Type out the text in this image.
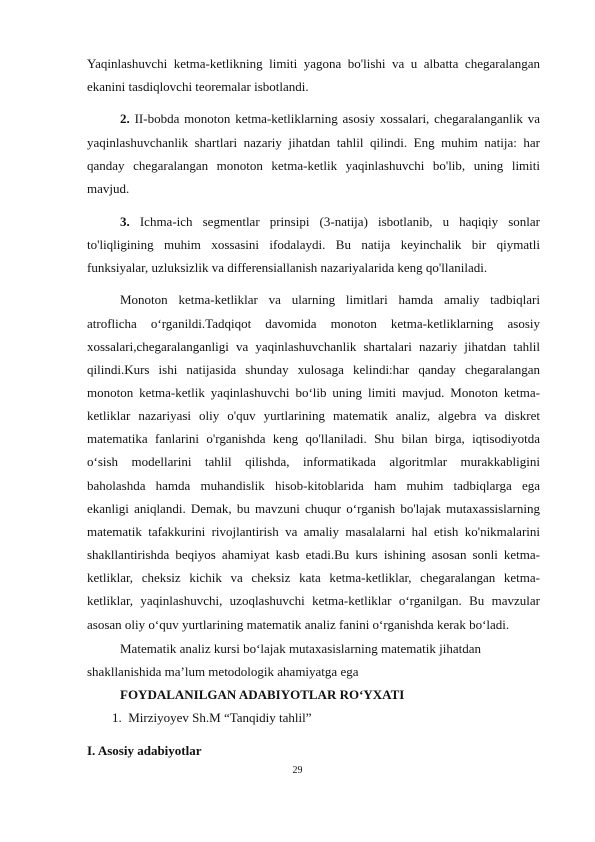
Yaqinlashuvchi ketma-ketlikning limiti yagona bo'lishi va u albatta chegaralangan
ekanini tasdiqlovchi teoremalar isbotlandi.
2. II-bobda monoton ketma-ketliklarning asosiy xossalari, chegaralanganlik va
yaqinlashuvchanlik shartlari nazariy jihatdan tahlil qilindi. Eng muhim natija: har
qanday chegaralangan monoton ketma-ketlik yaqinlashuvchi bo'lib, uning limiti
mavjud.
3. Ichma-ich segmentlar prinsipi (3-natija) isbotlanib, u haqiqiy sonlar
to'liqligining muhim xossasini ifodalaydi. Bu natija keyinchalik bir qiymatli
funksiyalar, uzluksizlik va differensiallanish nazariyalarida keng qo'llaniladi.
Monoton ketma-ketliklar va ularning limitlari hamda amaliy tadbiqlari
atroflicha o‘rganildi.Tadqiqot davomida monoton ketma-ketliklarning asosiy
xossalari,chegaralanganligi va yaqinlashuvchanlik shartalari nazariy jihatdan tahlil
qilindi.Kurs ishi natijasida shunday xulosaga kelindi:har qanday chegaralangan
monoton ketma-ketlik yaqinlashuvchi bo‘lib uning limiti mavjud. Monoton ketma-
ketliklar nazariyasi oliy o'quv yurtlarining matematik analiz, algebra va diskret
matematika fanlarini o'rganishda keng qo'llaniladi. Shu bilan birga, iqtisodiyotda
o‘sish modellarini tahlil qilishda, informatikada algoritmlar murakkabligini
baholashda hamda muhandislik hisob-kitoblarida ham muhim tadbiqlarga ega
ekanligi aniqlandi. Demak, bu mavzuni chuqur o‘rganish bo'lajak mutaxassislarning
matematik tafakkurini rivojlantirish va amaliy masalalarni hal etish ko'nikmalarini
shakllantirishda beqiyos ahamiyat kasb etadi.Bu kurs ishining asosan sonli ketma-
ketliklar, cheksiz kichik va cheksiz kata ketma-ketliklar, chegaralangan ketma-
ketliklar, yaqinlashuvchi, uzoqlashuvchi ketma-ketliklar o‘rganilgan. Bu mavzular
asosan oliy o‘quv yurtlarining matematik analiz fanini o‘rganishda kerak bo‘ladi.
Matematik analiz kursi bo‘lajak mutaxasislarning matematik jihatdan
shakllanishida ma’lum metodologik ahamiyatga ega
FOYDALANILGAN ADABIYOTLAR RO‘YXATI
1. Mirziyoyev Sh.M “Tanqidiy tahlil”
I. Asosiy adabiyotlar
29
